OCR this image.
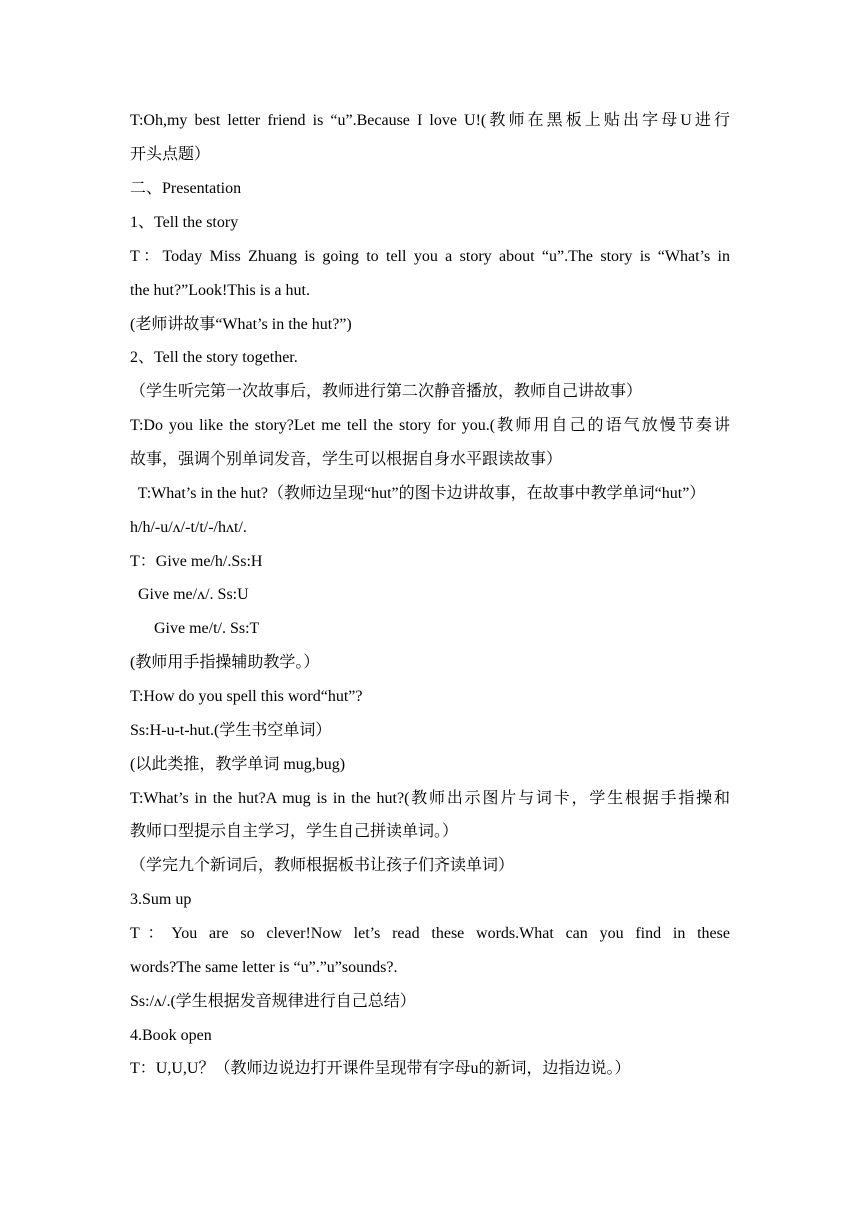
T:Oh,my best letter friend is “u”.Because I love U!(教师在黑板上贴出字母U进行
开头点题）
二、Presentation
1、Tell the story
T：Today Miss Zhuang is going to tell you a story about “u”.The story is “What’s in
the hut?”Look!This is a hut.
(老师讲故事“What’s in the hut?”)
2、Tell the story together.
（学生听完第一次故事后，教师进行第二次静音播放，教师自己讲故事）
T:Do you like the story?Let me tell the story for you.(教师用自己的语气放慢节奏讲
故事，强调个别单词发音，学生可以根据自身水平跟读故事）
T:What’s in the hut?（教师边呈现“hut”的图卡边讲故事，在故事中教学单词“hut”）
h/h/-u/ʌ/-t/t/-/hʌt/.
T：Give me/h/.Ss:H
Give me/ʌ/. Ss:U
Give me/t/. Ss:T
(教师用手指操辅助教学。）
T:How do you spell this word“hut”?
Ss:H-u-t-hut.(学生书空单词）
(以此类推，教学单词 mug,bug)
T:What’s in the hut?A mug is in the hut?(教师出示图片与词卡，学生根据手指操和
教师口型提示自主学习，学生自己拼读单词。）
（学完九个新词后，教师根据板书让孩子们齐读单词）
3.Sum up
T：You are so clever!Now let’s read these words.What can you find in these
words?The same letter is “u”.”u”sounds?.
Ss:/ʌ/.(学生根据发音规律进行自己总结）
4.Book open
T：U,U,U？（教师边说边打开课件呈现带有字母u的新词，边指边说。）
